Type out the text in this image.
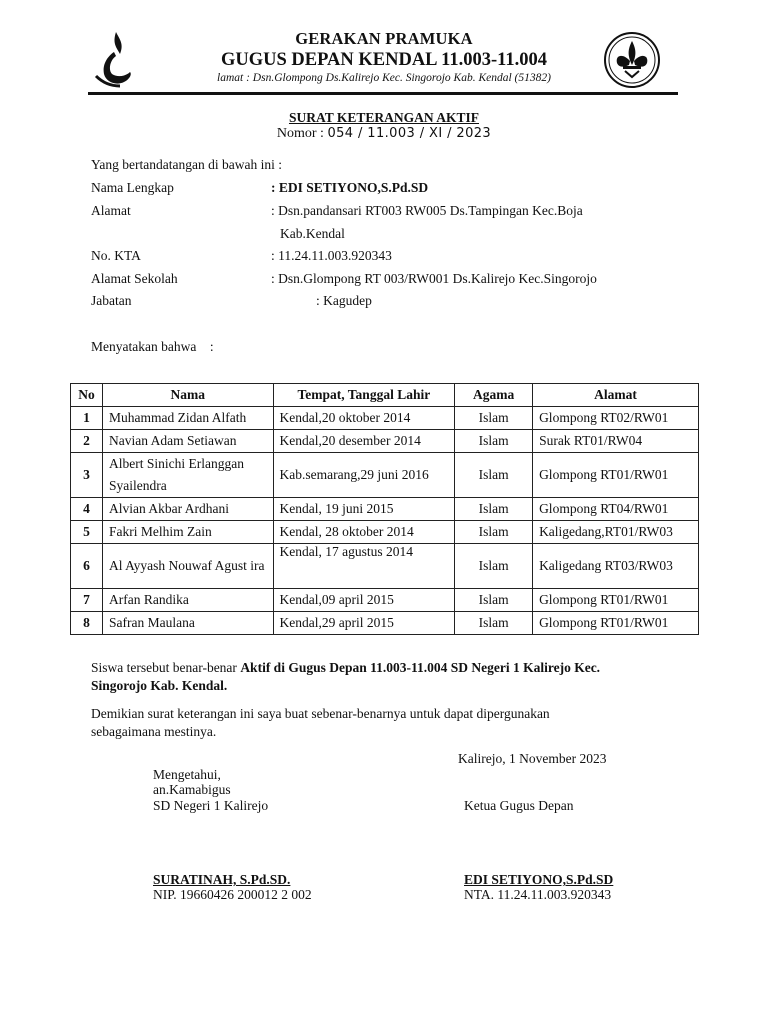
GERAKAN PRAMUKA
GUGUS DEPAN KENDAL 11.003-11.004
lamat : Dsn.Glompong Ds.Kalirejo Kec. Singorojo Kab. Kendal (51382)
SURAT KETERANGAN AKTIF
Nomor : 054 / 11.003 / XI / 2023
Yang bertandatangan di bawah ini :
Nama Lengkap	: EDI SETIYONO,S.Pd.SD
Alamat	: Dsn.pandansari RT003 RW005 Ds.Tampingan Kec.Boja
Kab.Kendal
No. KTA	: 11.24.11.003.920343
Alamat Sekolah	: Dsn.Glompong RT 003/RW001 Ds.Kalirejo Kec.Singorojo
Jabatan	: Kagudep
Menyatakan bahwa    :
No	Nama	Tempat, Tanggal Lahir	Agama	Alamat
1	Muhammad Zidan Alfath	Kendal,20 oktober 2014	Islam	Glompong RT02/RW01
2	Navian Adam Setiawan	Kendal,20 desember 2014	Islam	Surak RT01/RW04
3	Albert Sinichi Erlanggan Syailendra	Kab.semarang,29 juni 2016	Islam	Glompong RT01/RW01
4	Alvian Akbar Ardhani	Kendal, 19 juni 2015	Islam	Glompong RT04/RW01
5	Fakri Melhim Zain	Kendal, 28 oktober 2014	Islam	Kaligedang,RT01/RW03
6	Al Ayyash Nouwaf Agust ira	Kendal, 17 agustus 2014	Islam	Kaligedang RT03/RW03
7	Arfan Randika	Kendal,09 april 2015	Islam	Glompong RT01/RW01
8	Safran Maulana	Kendal,29 april 2015	Islam	Glompong RT01/RW01
Siswa tersebut benar-benar Aktif di Gugus Depan 11.003-11.004 SD Negeri 1 Kalirejo Kec.
Singorojo Kab. Kendal.
Demikian surat keterangan ini saya buat sebenar-benarnya untuk dapat dipergunakan
sebagaimana mestinya.
Kalirejo, 1 November 2023
Mengetahui,
an.Kamabigus
SD Negeri 1 Kalirejo
SURATINAH, S.Pd.SD.
NIP. 19660426 200012 2 002
Ketua Gugus Depan
EDI SETIYONO,S.Pd.SD
NTA. 11.24.11.003.920343
